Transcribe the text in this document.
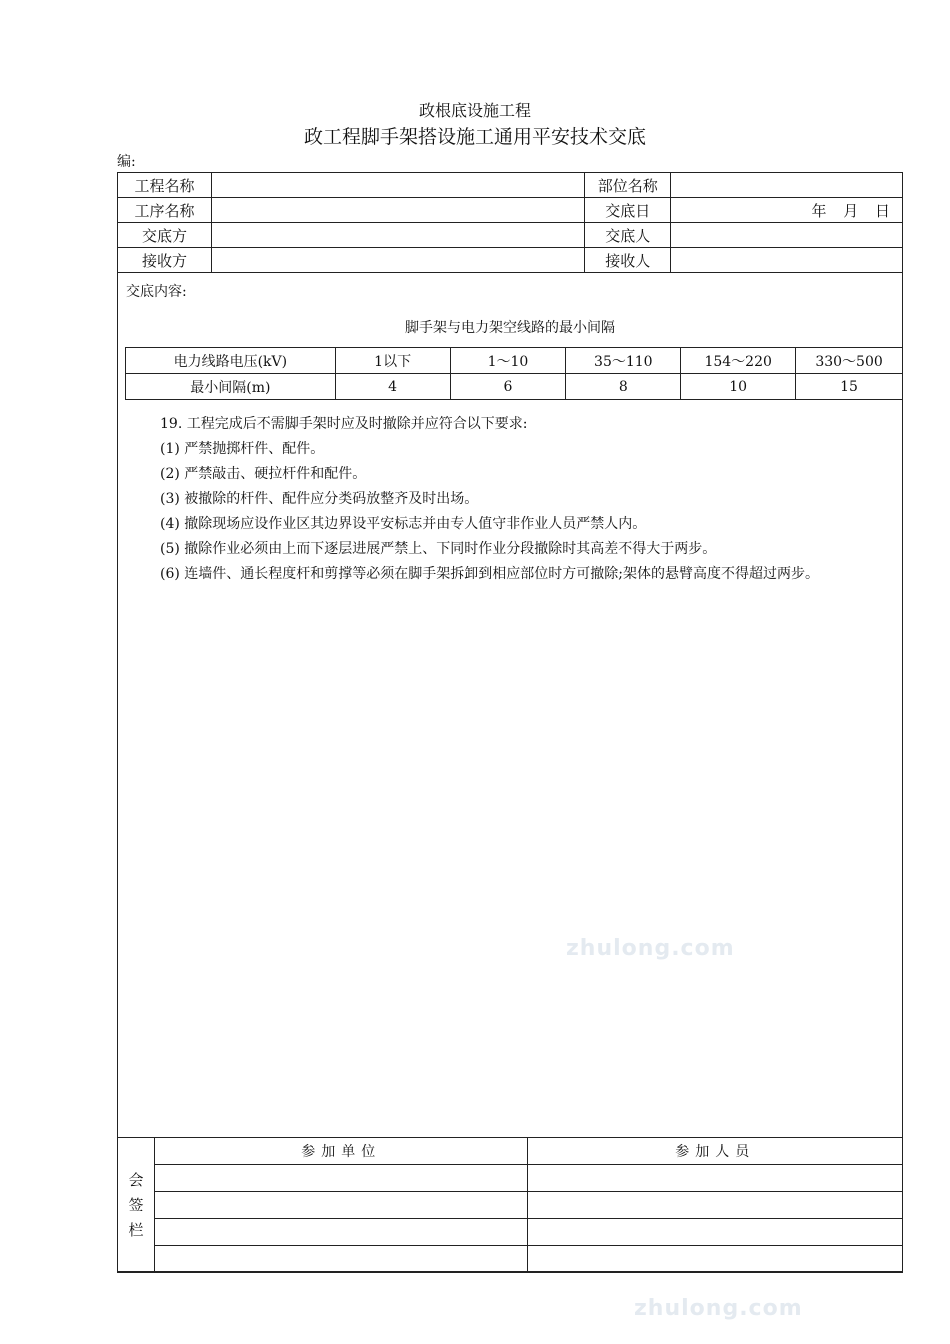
政根底设施工程
政工程脚手架搭设施工通用平安技术交底
编:
工程名称		部位名称	
工序名称		交底日	年 月 日
交底方		交底人	
接收方		接收人	
交底内容:
脚手架与电力架空线路的最小间隔
电力线路电压(kV)	1以下	1～10	35～110	154～220	330～500
最小间隔(m)	4	6	8	10	15
19. 工程完成后不需脚手架时应及时撤除并应符合以下要求:
(1) 严禁抛掷杆件、配件。
(2) 严禁敲击、硬拉杆件和配件。
(3) 被撤除的杆件、配件应分类码放整齐及时出场。
(4) 撤除现场应设作业区其边界设平安标志并由专人值守非作业人员严禁人内。
(5) 撤除作业必须由上而下逐层进展严禁上、下同时作业分段撤除时其高差不得大于两步。
(6) 连墙件、通长程度杆和剪撑等必须在脚手架拆卸到相应部位时方可撤除;架体的悬臂高度不得超过两步。
zhulong.com
zhulong.com
会
签
栏	参加单位	参加人员
